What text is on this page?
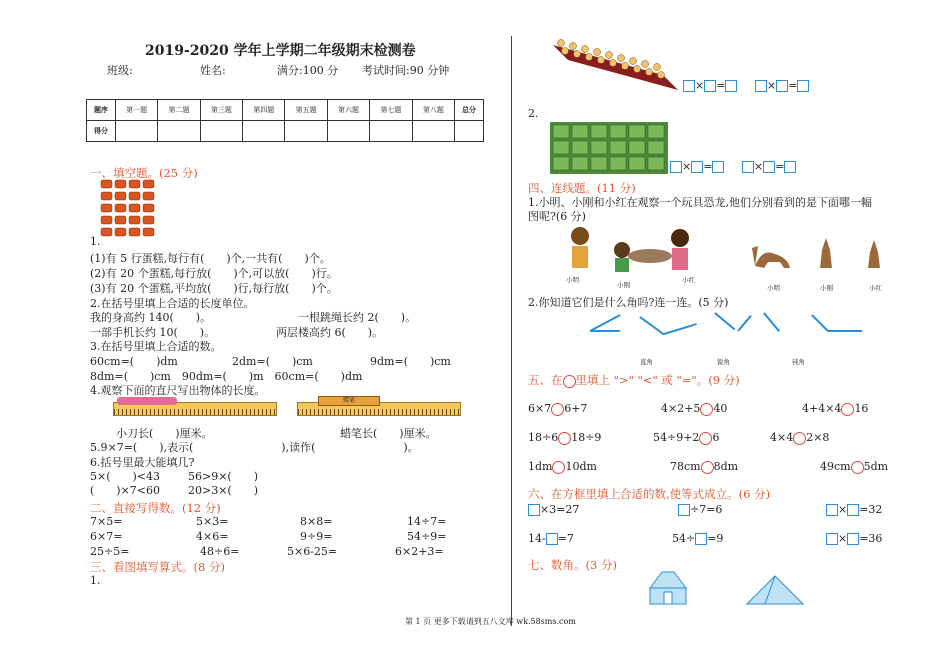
2019-2020 学年上学期二年级期末检测卷
班级:	姓名:	满分:100 分 考试时间:90 分钟
题序	第一题	第二题	第三题	第四题	第五题	第六题	第七题	第八题	总分
得分									
一、填空题。(25 分)
1.
(1)有 5 行蛋糕,每行有(　　)个,一共有(　　)个。
(2)有 20 个蛋糕,每行放(　　)个,可以放(　　)行。
(3)有 20 个蛋糕,平均放(　　)行,每行放(　　)个。
2.在括号里填上合适的长度单位。
我的身高约 140(　　)。	一根跳绳长约 2(　　)。
一部手机长约 10(　　)。	两层楼高约 6(　　)。
3.在括号里填上合适的数。
60cm=(　　)dm	2dm=(　　)cm	9dm=(　　)cm
8dm=(　　)cm　90dm=(　　)m　60cm=(　　)dm
4.观察下面的直尺写出物体的长度。
蜡笔
小刀长(　　)厘米。	蜡笔长(　　)厘米。
5.9×7=(　　),表示(　　　　　　　　),读作(　　　　　　　　)。
6.括号里最大能填几?
5×(　　)<43	56>9×(　　)
(　　)×7<60	20>3×(　　)
二、直接写得数。(12 分)
7×5=	5×3=	8×8=	14÷7=
6×7=	4×6=	9÷9=	54÷9=
25÷5=	48÷6=	5×6-25=	6×2+3=
三、看图填写算式。(8 分)
1.
× =	× =
2.
× =	× =
四、连线题。(11 分)
1.小明、小刚和小红在观察一个玩具恐龙,他们分别看到的是下面哪一幅
图呢?(6 分)
小明
小刚
小红
小明	小刚	小红
2.你知道它们是什么角吗?连一连。(5 分)
直角	锐角	钝角
五、在 里填上 ">" "<" 或 "="。(9 分)
6×7 6+7	4×2+5 40	4+4×4 16
18÷6 18÷9	54÷9+2 6	4×4 2×8
1dm 10dm	78cm 8dm	49cm 5dm
六、在方框里填上合适的数,使等式成立。(6 分)
×3=27	÷7=6	× =32
14- =7	54÷ =9	× =36
七、数角。(3 分)
第 1 页 更多下载请到五八文库 wk.58sms.com
